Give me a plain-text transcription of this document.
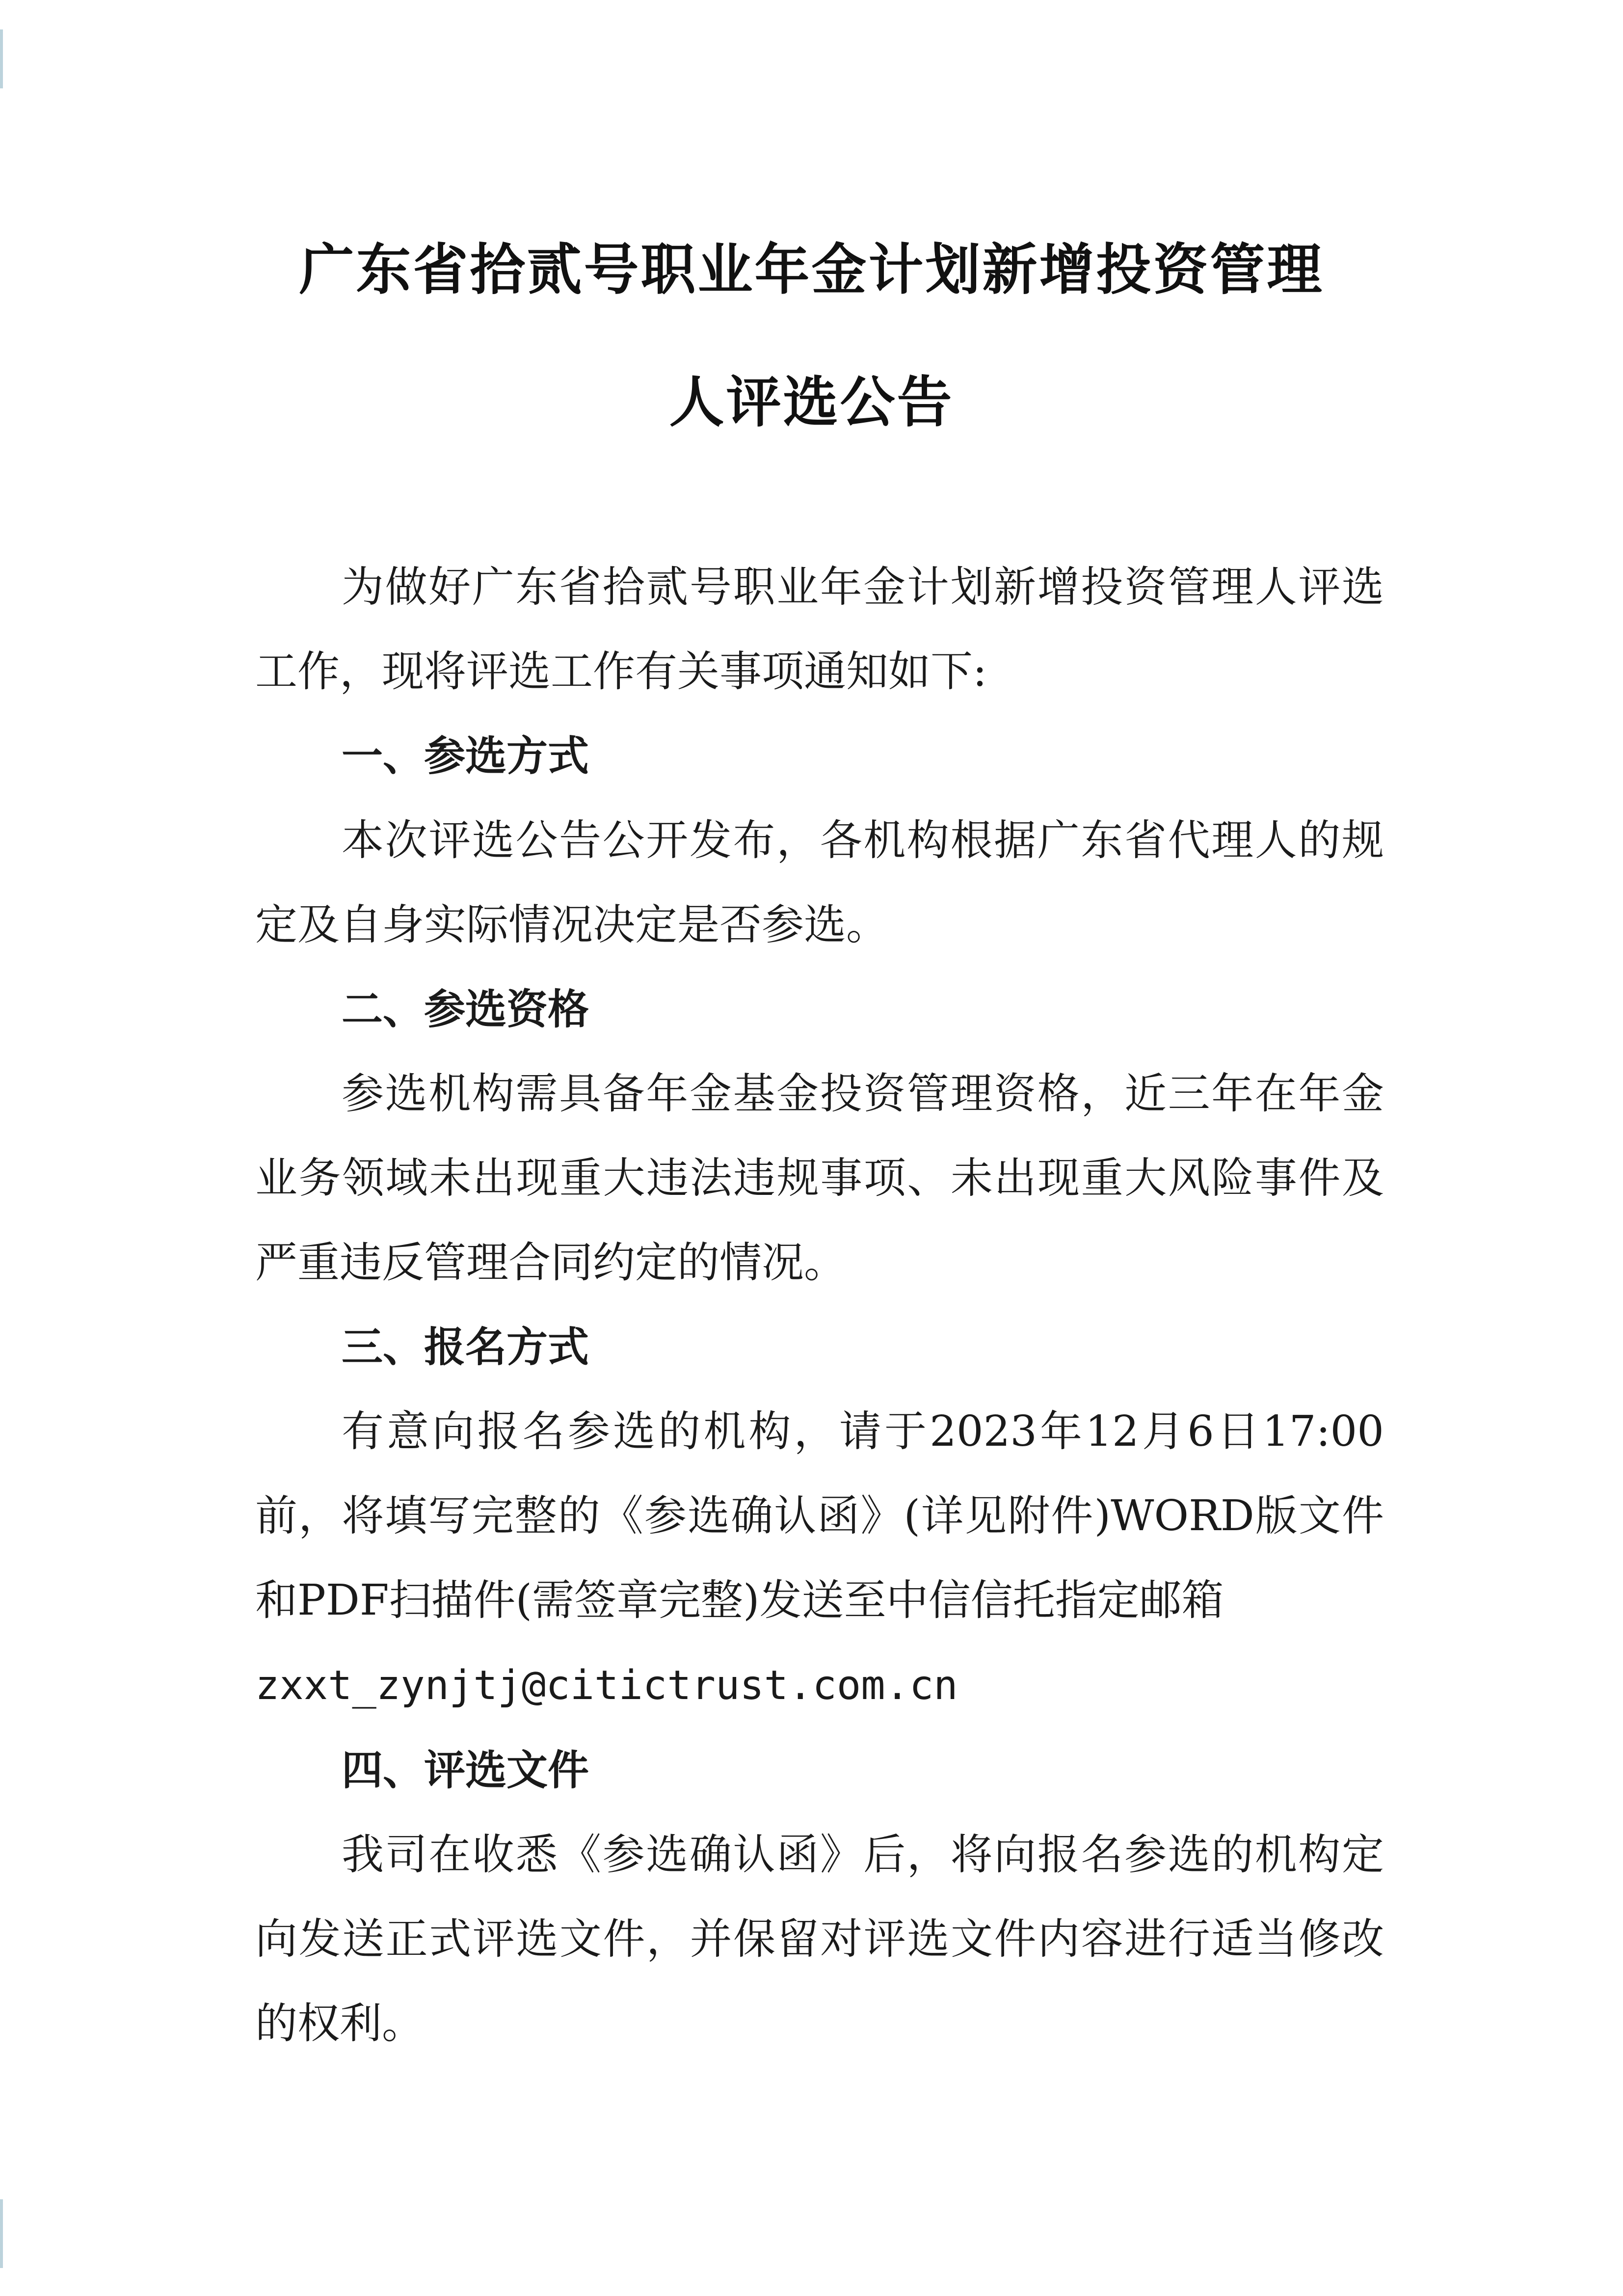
广东省拾贰号职业年金计划新增投资管理
人评选公告

为做好广东省拾贰号职业年金计划新增投资管理人评选工作，现将评选工作有关事项通知如下:

一、参选方式

本次评选公告公开发布，各机构根据广东省代理人的规定及自身实际情况决定是否参选。

二、参选资格

参选机构需具备年金基金投资管理资格，近三年在年金业务领域未出现重大违法违规事项、未出现重大风险事件及严重违反管理合同约定的情况。

三、报名方式

有意向报名参选的机构，请于2023年12月6日17:00前，将填写完整的《参选确认函》(详见附件)WORD版文件和PDF扫描件(需签章完整)发送至中信信托指定邮箱
zxxt_zynjtj@citictrust.com.cn

四、评选文件

我司在收悉《参选确认函》后，将向报名参选的机构定向发送正式评选文件，并保留对评选文件内容进行适当修改的权利。
